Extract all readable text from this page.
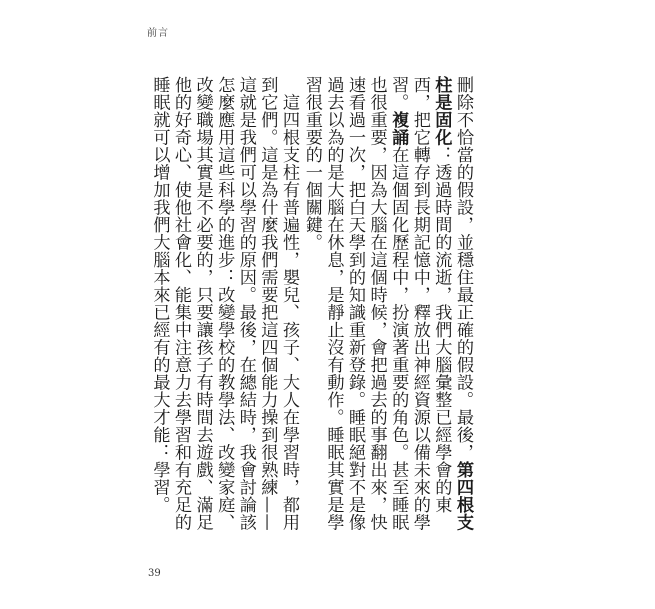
前言
刪除不恰當的假設，並穩住最正確的假設。最後，第四根支柱是固化：透過時間的流逝，我們大腦彙整已經學會的東西，把它轉存到長期記憶中，釋放出神經資源以備未來的學習。複誦在這個固化歷程中，扮演著重要的角色。甚至睡眠也很重要，因為大腦在這個時候，會把過去的事翻出來，快速看過一次，把白天學到的知識重新登錄。睡眠絕對不是像過去以為的是大腦在休息，是靜止沒有動作。睡眠其實是學習很重要的一個關鍵。
　這四根支柱有普遍性，嬰兒、孩子、大人在學習時，都用到它們。這是為什麼我們需要把這四個能力操到很熟練——這就是我們可以學習的原因。最後，在總結時，我會討論該怎麼應用這些科學的進步：改變學校的教學法、改變家庭、改變職場其實是不必要的，只要讓孩子有時間去遊戲、滿足他的好奇心、使他社會化、能集中注意力去學習和有充足的睡眠就可以增加我們大腦本來已經有的最大才能：學習。
39
